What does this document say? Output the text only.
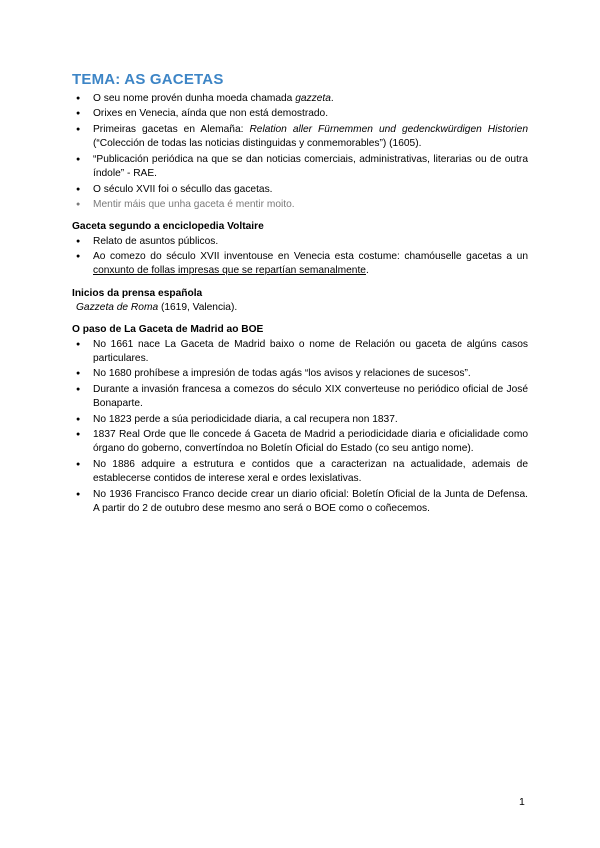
TEMA: AS GACETAS
● O seu nome provén dunha moeda chamada gazzeta.
● Orixes en Venecia, aínda que non está demostrado.
● Primeiras gacetas en Alemaña: Relation aller Fürnemmen und gedenckwürdigen Historien (“Colección de todas las noticias distinguidas y conmemorables”) (1605).
● “Publicación periódica na que se dan noticias comerciais, administrativas, literarias ou de outra índole” - RAE.
● O século XVII foi o sécullo das gacetas.
● Mentir máis que unha gaceta é mentir moito.
Gaceta segundo a enciclopedia Voltaire
● Relato de asuntos públicos.
● Ao comezo do século XVII inventouse en Venecia esta costume: chamóuselle gacetas a un conxunto de follas impresas que se repartían semanalmente.
Inicios da prensa española
Gazzeta de Roma (1619, Valencia).
O paso de La Gaceta de Madrid ao BOE
● No 1661 nace La Gaceta de Madrid baixo o nome de Relación ou gaceta de algúns casos particulares.
● No 1680 prohíbese a impresión de todas agás “los avisos y relaciones de sucesos”.
● Durante a invasión francesa a comezos do século XIX converteuse no periódico oficial de José Bonaparte.
● No 1823 perde a súa periodicidade diaria, a cal recupera non 1837.
● 1837 Real Orde que lle concede á Gaceta de Madrid a periodicidade diaria e oficialidade como órgano do goberno, convertíndoa no Boletín Oficial do Estado (co seu antigo nome).
● No 1886 adquire a estrutura e contidos que a caracterizan na actualidade, ademais de establecerse contidos de interese xeral e ordes lexislativas.
● No 1936 Francisco Franco decide crear un diario oficial: Boletín Oficial de la Junta de Defensa. A partir do 2 de outubro dese mesmo ano será o BOE como o coñecemos.
1
